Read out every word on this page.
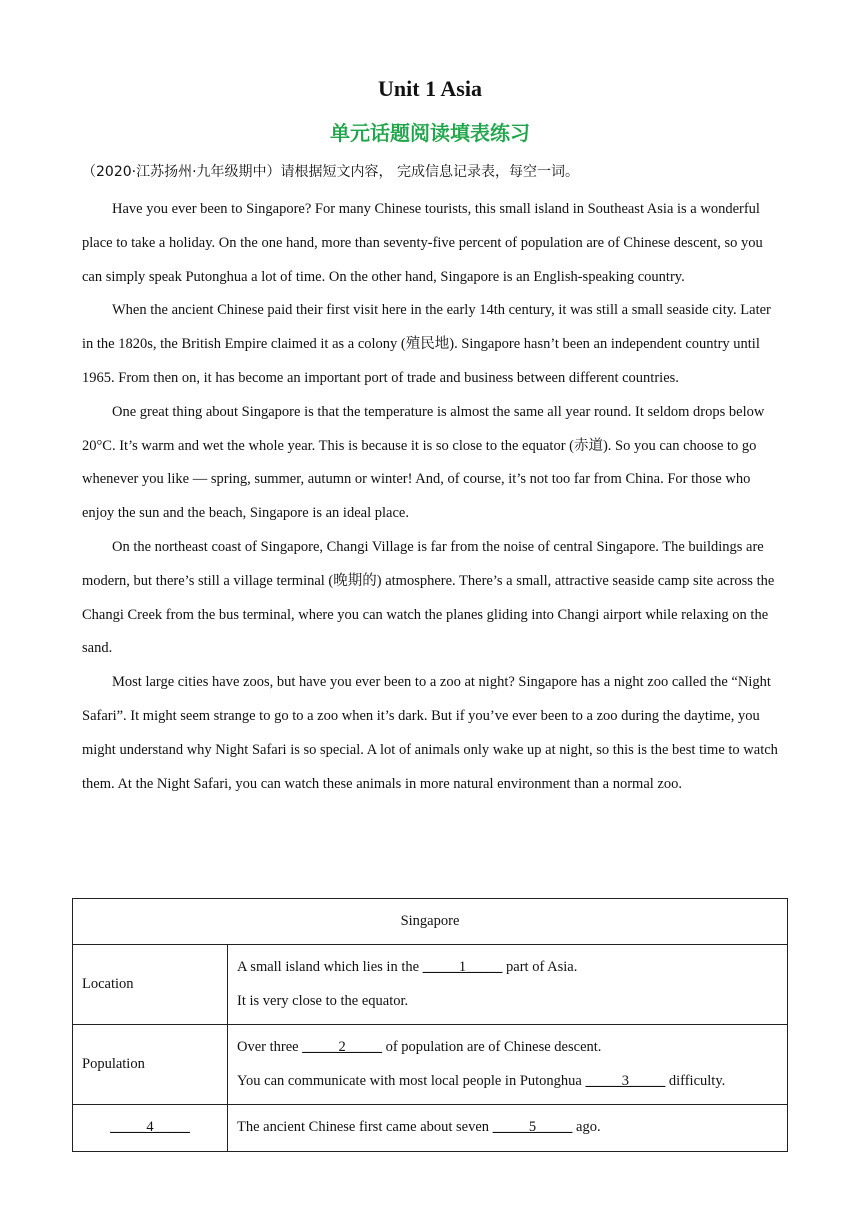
Unit 1 Asia
单元话题阅读填表练习
（2020·江苏扬州·九年级期中）请根据短文内容， 完成信息记录表，每空一词。

Have you ever been to Singapore? For many Chinese tourists, this small island in Southeast Asia is a wonderful place to take a holiday. On the one hand, more than seventy-five percent of population are of Chinese descent, so you can simply speak Putonghua a lot of time. On the other hand, Singapore is an English-speaking country.

When the ancient Chinese paid their first visit here in the early 14th century, it was still a small seaside city. Later in the 1820s, the British Empire claimed it as a colony (殖民地). Singapore hasn’t been an independent country until 1965. From then on, it has become an important port of trade and business between different countries.

One great thing about Singapore is that the temperature is almost the same all year round. It seldom drops below 20°C. It’s warm and wet the whole year. This is because it is so close to the equator (赤道). So you can choose to go whenever you like — spring, summer, autumn or winter! And, of course, it’s not too far from China. For those who enjoy the sun and the beach, Singapore is an ideal place.

On the northeast coast of Singapore, Changi Village is far from the noise of central Singapore. The buildings are modern, but there’s still a village terminal (晚期的) atmosphere. There’s a small, attractive seaside camp site across the Changi Creek from the bus terminal, where you can watch the planes gliding into Changi airport while relaxing on the sand.

Most large cities have zoos, but have you ever been to a zoo at night? Singapore has a night zoo called the “Night Safari”. It might seem strange to go to a zoo when it’s dark. But if you’ve ever been to a zoo during the daytime, you might understand why Night Safari is so special. A lot of animals only wake up at night, so this is the best time to watch them. At the Night Safari, you can watch these animals in more natural environment than a normal zoo.

Singapore	
Location	A small island which lies in the _____1_____ part of Asia.
It is very close to the equator.

Population	Over three _____2_____ of population are of Chinese descent.
You can communicate with most local people in Putonghua _____3_____ difficulty.

_____4_____	The ancient Chinese first came about seven _____5_____ ago.
